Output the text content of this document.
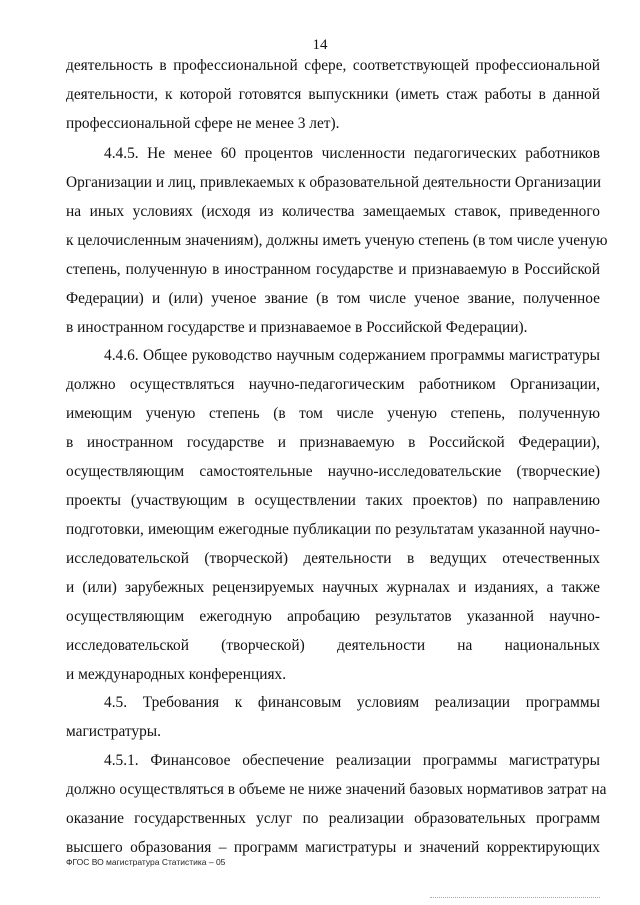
14
деятельность в профессиональной сфере, соответствующей профессиональной
деятельности, к которой готовятся выпускники (иметь стаж работы в данной
профессиональной сфере не менее 3 лет).
4.4.5. Не менее 60 процентов численности педагогических работников
Организации и лиц, привлекаемых к образовательной деятельности Организации
на иных условиях (исходя из количества замещаемых ставок, приведенного
к целочисленным значениям), должны иметь ученую степень (в том числе ученую
степень, полученную в иностранном государстве и признаваемую в Российской
Федерации) и (или) ученое звание (в том числе ученое звание, полученное
в иностранном государстве и признаваемое в Российской Федерации).
4.4.6. Общее руководство научным содержанием программы магистратуры
должно осуществляться научно-педагогическим работником Организации,
имеющим ученую степень (в том числе ученую степень, полученную
в иностранном государстве и признаваемую в Российской Федерации),
осуществляющим самостоятельные научно-исследовательские (творческие)
проекты (участвующим в осуществлении таких проектов) по направлению
подготовки, имеющим ежегодные публикации по результатам указанной научно-
исследовательской (творческой) деятельности в ведущих отечественных
и (или) зарубежных рецензируемых научных журналах и изданиях, а также
осуществляющим ежегодную апробацию результатов указанной научно-
исследовательской (творческой) деятельности на национальных
и международных конференциях.
4.5. Требования к финансовым условиям реализации программы
магистратуры.
4.5.1. Финансовое обеспечение реализации программы магистратуры
должно осуществляться в объеме не ниже значений базовых нормативов затрат на
оказание государственных услуг по реализации образовательных программ
высшего образования – программ магистратуры и значений корректирующих
ФГОС ВО магистратура Статистика – 05
